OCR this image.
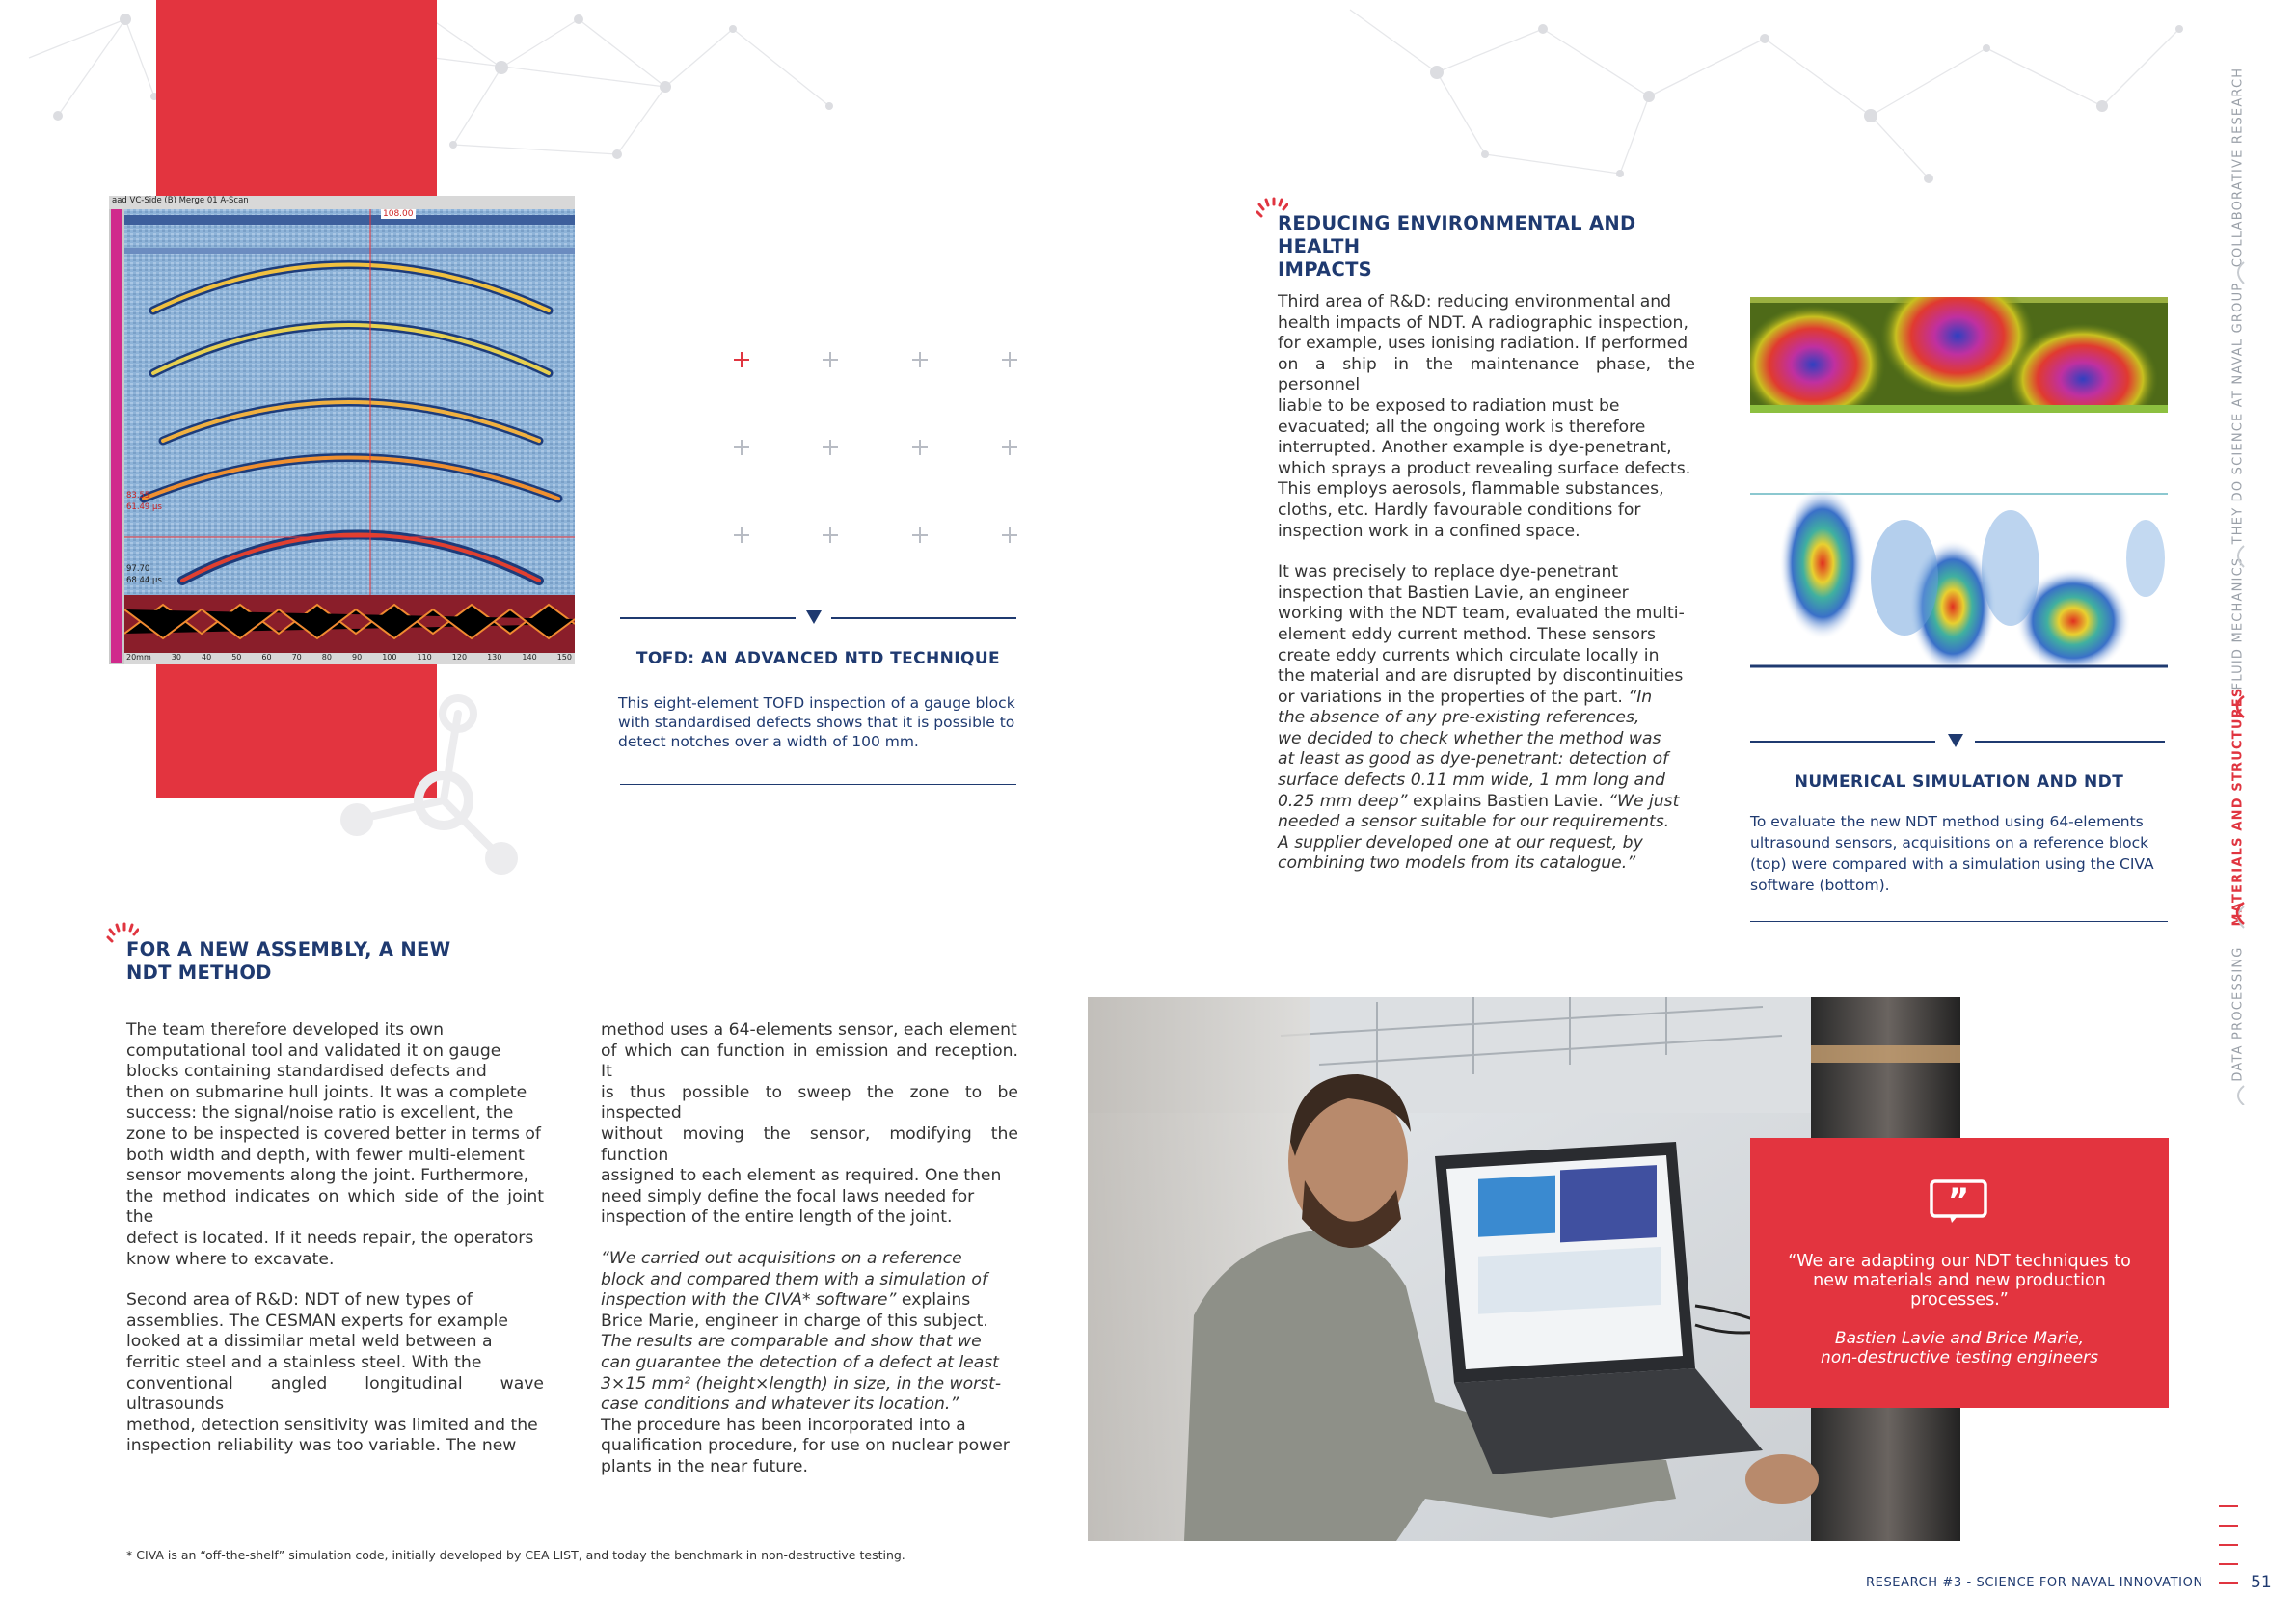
aad VC-Side (B) Merge 01 A-Scan
108.00
83.55
61.49 µs
97.70
68.44 µs
20mm	30	40	50	60	70	80	90	100	110	120	130	140	150	TOFD: AN ADVANCED NTD TECHNIQUE
This eight-element TOFD inspection of a gauge block
with standardised defects shows that it is possible to
detect notches over a width of 100 mm.
REDUCING ENVIRONMENTAL AND HEALTH
IMPACTS
Third area of R&D: reducing environmental and
health impacts of NDT. A radiographic inspection,
for example, uses ionising radiation. If performed
on a ship in the maintenance phase, the personnel
liable to be exposed to radiation must be
evacuated; all the ongoing work is therefore
interrupted. Another example is dye-penetrant,
which sprays a product revealing surface defects.
This employs aerosols, flammable substances,
cloths, etc. Hardly favourable conditions for
inspection work in a confined space.
It was precisely to replace dye-penetrant
inspection that Bastien Lavie, an engineer
working with the NDT team, evaluated the multi-
element eddy current method. These sensors
create eddy currents which circulate locally in
the material and are disrupted by discontinuities
or variations in the properties of the part. “In
the absence of any pre-existing references,
we decided to check whether the method was
at least as good as dye-penetrant: detection of
surface defects 0.11 mm wide, 1 mm long and
0.25 mm deep” explains Bastien Lavie. “We just
needed a sensor suitable for our requirements.
A supplier developed one at our request, by
combining two models from its catalogue.”
NUMERICAL SIMULATION AND NDT
To evaluate the new NDT method using 64-elements
ultrasound sensors, acquisitions on a reference block
(top) were compared with a simulation using the CIVA
software (bottom).
FOR A NEW ASSEMBLY, A NEW
NDT METHOD
The team therefore developed its own
computational tool and validated it on gauge
blocks containing standardised defects and
then on submarine hull joints. It was a complete
success: the signal/noise ratio is excellent, the
zone to be inspected is covered better in terms of
both width and depth, with fewer multi-element
sensor movements along the joint. Furthermore,
the method indicates on which side of the joint the
defect is located. If it needs repair, the operators
know where to excavate.
Second area of R&D: NDT of new types of
assemblies. The CESMAN experts for example
looked at a dissimilar metal weld between a
ferritic steel and a stainless steel. With the
conventional angled longitudinal wave ultrasounds
method, detection sensitivity was limited and the
inspection reliability was too variable. The new
method uses a 64-elements sensor, each element
of which can function in emission and reception. It
is thus possible to sweep the zone to be inspected
without moving the sensor, modifying the function
assigned to each element as required. One then
need simply define the focal laws needed for
inspection of the entire length of the joint.
“We carried out acquisitions on a reference
block and compared them with a simulation of
inspection with the CIVA* software” explains
Brice Marie, engineer in charge of this subject.
The results are comparable and show that we
can guarantee the detection of a defect at least
3×15 mm² (height×length) in size, in the worst-
case conditions and whatever its location.”
The procedure has been incorporated into a
qualification procedure, for use on nuclear power
plants in the near future.
”
“We are adapting our NDT techniques to
new materials and new production
processes.”
Bastien Lavie and Brice Marie,
non-destructive testing engineers
DATA PROCESSING
MATERIALS AND STRUCTURES
FLUID MECHANICS
THEY DO SCIENCE AT NAVAL GROUP
COLLABORATIVE RESEARCH
* CIVA is an “off-the-shelf” simulation code, initially developed by CEA LIST, and today the benchmark in non-destructive testing.
RESEARCH #3 - SCIENCE FOR NAVAL INNOVATION	51
